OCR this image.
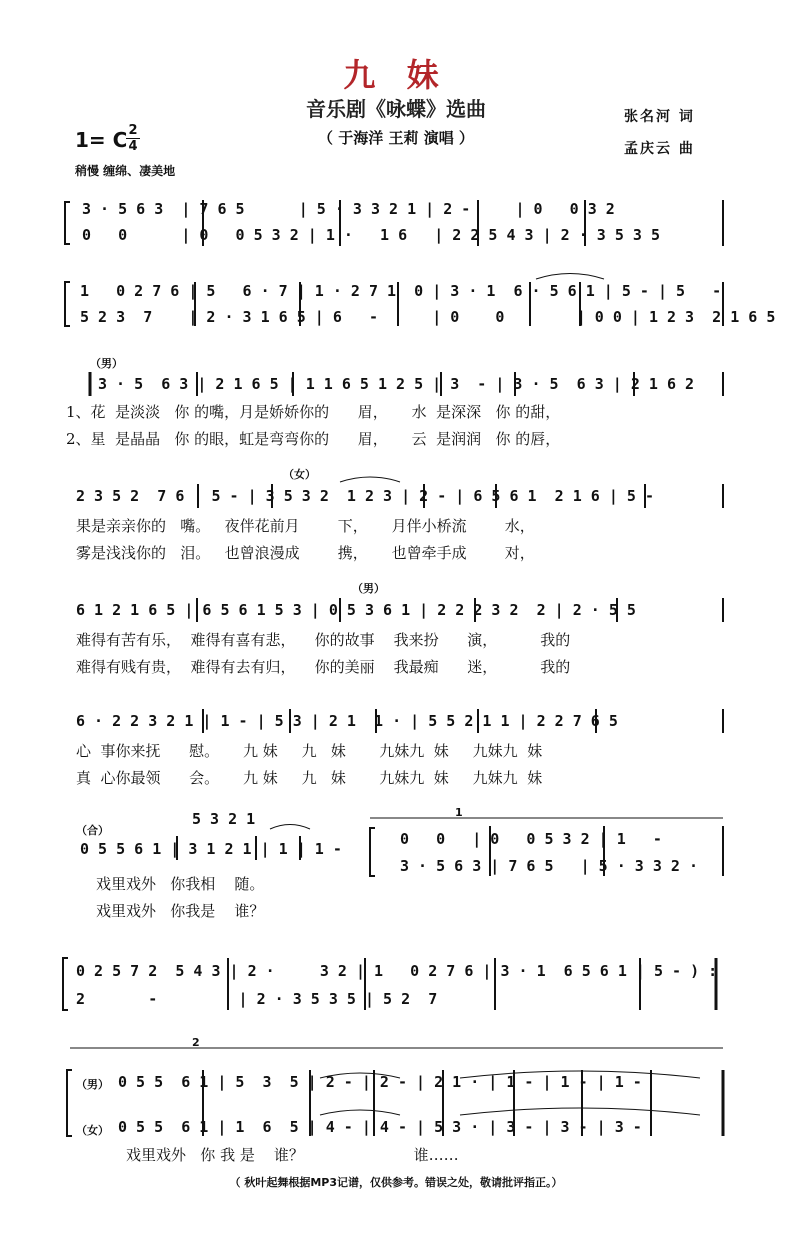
九 妹
音乐剧《咏蝶》选曲
（ 于海洋 王莉 演唱 ）
张名河 词
孟庆云 曲
1= C 2
4
稍慢 缠绵、凄美地
3 · 5 6 3  | 7 6 5      | 5 · 3 3 2 1 | 2 -     | 0   0 3 2
0   0      | 0   0 5 3 2 | 1 ·   1 6   | 2 2 5 4 3 | 2 · 3 5 3 5
1   0 2 7 6 | 5   6 · 7 | 1 · 2 7 1  0 | 3 · 1  6 · 5 6 1 | 5 - | 5   -
5 2 3  7    | 2 · 3 1 6 5 | 6   -      | 0    0        | 0 0 | 1 2 3  2 1 6 5
（男）
3 · 5  6 3 | 2 1 6 5 | 1 1 6 5 1 2 5 | 3  - | 3 · 5  6 3 | 2 1 6 2
1、花  是淡淡   你 的嘴，月是娇娇你的      眉，     水  是深深   你 的甜，
2、星  是晶晶   你 的眼，虹是弯弯你的      眉，     云  是润润   你 的唇，
（女）
2 3 5 2  7 6 | 5 - | 3 5 3 2  1 2 3 | 2 - | 6 5 6 1  2 1 6 | 5 -
果是亲亲你的   嘴。   夜伴花前月        下，     月伴小桥流        水，
雾是浅浅你的   泪。   也曾浪漫成        携，     也曾牵手成        对，
（男）
6 1 2 1 6 5 | 6 5 6 1 5 3 | 0 5 3 6 1 | 2 2 2 3 2  2 | 2 · 5 5
难得有苦有乐，  难得有喜有悲，    你的故事    我来扮      演，         我的
难得有贱有贵，  难得有去有归，    你的美丽    我最痴      迷，         我的
6 · 2 2 3 2 1 | 1 - | 5 3 | 2 1  1 · | 5 5 2 1 1 | 2 2 7 6 5
心  事你来抚      慰。     九 妹     九   妹       九妹九  妹     九妹九  妹
真  心你最领      会。     九 妹     九   妹       九妹九  妹     九妹九  妹
（合）
1
5 3 2 1
0 5 5 6 1 | 3 1 2 1 | 1 | 1 -
0   0   | 0   0 5 3 2 | 1   -
3 · 5 6 3 | 7 6 5   | 5 · 3 3 2 ·
戏里戏外   你我相    随。
戏里戏外   你我是    谁？
0 2 5 7 2  5 4 3 | 2 ·     3 2 | 1   0 2 7 6 | 3 · 1  6 5 6 1 | 5 - ) :
2       -         | 2 · 3 5 3 5 | 5 2  7
2
（男） 0 5 5  6 1 | 5  3  5 | 2 - | 2 - | 2 1 · | 1 - | 1 - | 1 -
（女） 0 5 5  6 1 | 1  6  5 | 4 - | 4 - | 5 3 · | 3 - | 3 - | 3 -
戏里戏外   你 我 是    谁？                       谁……
（ 秋叶起舞根据MP3记谱，仅供参考。错误之处，敬请批评指正。）
